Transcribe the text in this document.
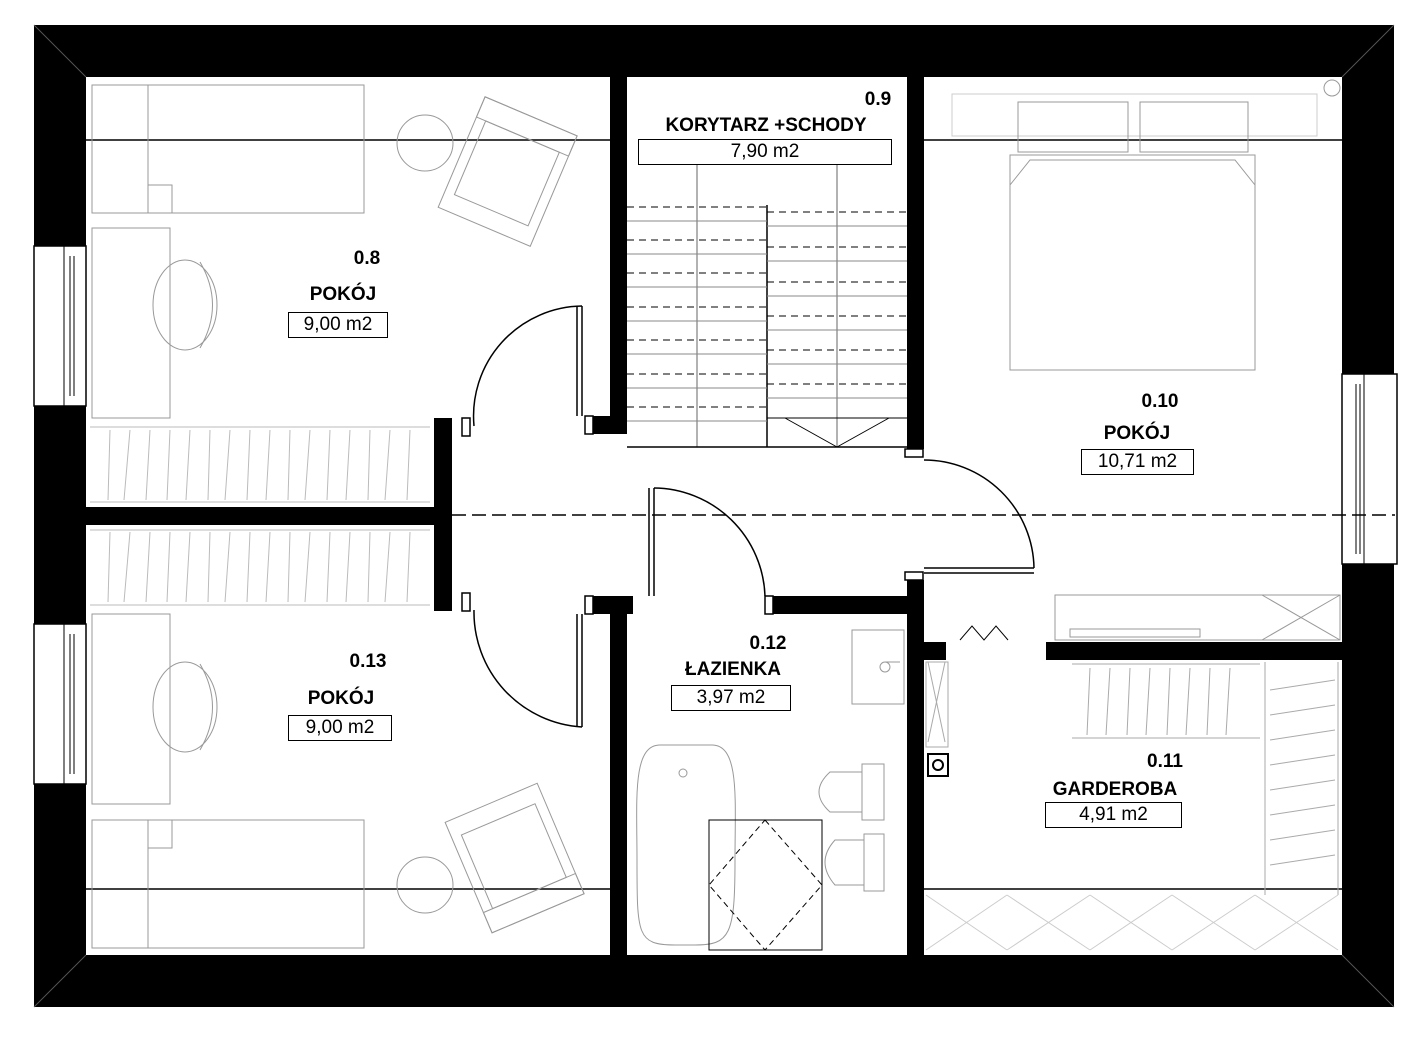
0.8
POKÓJ
9,00 m2
0.9
KORYTARZ +SCHODY
7,90 m2
0.10
POKÓJ
10,71 m2
0.11
GARDEROBA
4,91 m2
0.12
ŁAZIENKA
3,97 m2
0.13
POKÓJ
9,00 m2
